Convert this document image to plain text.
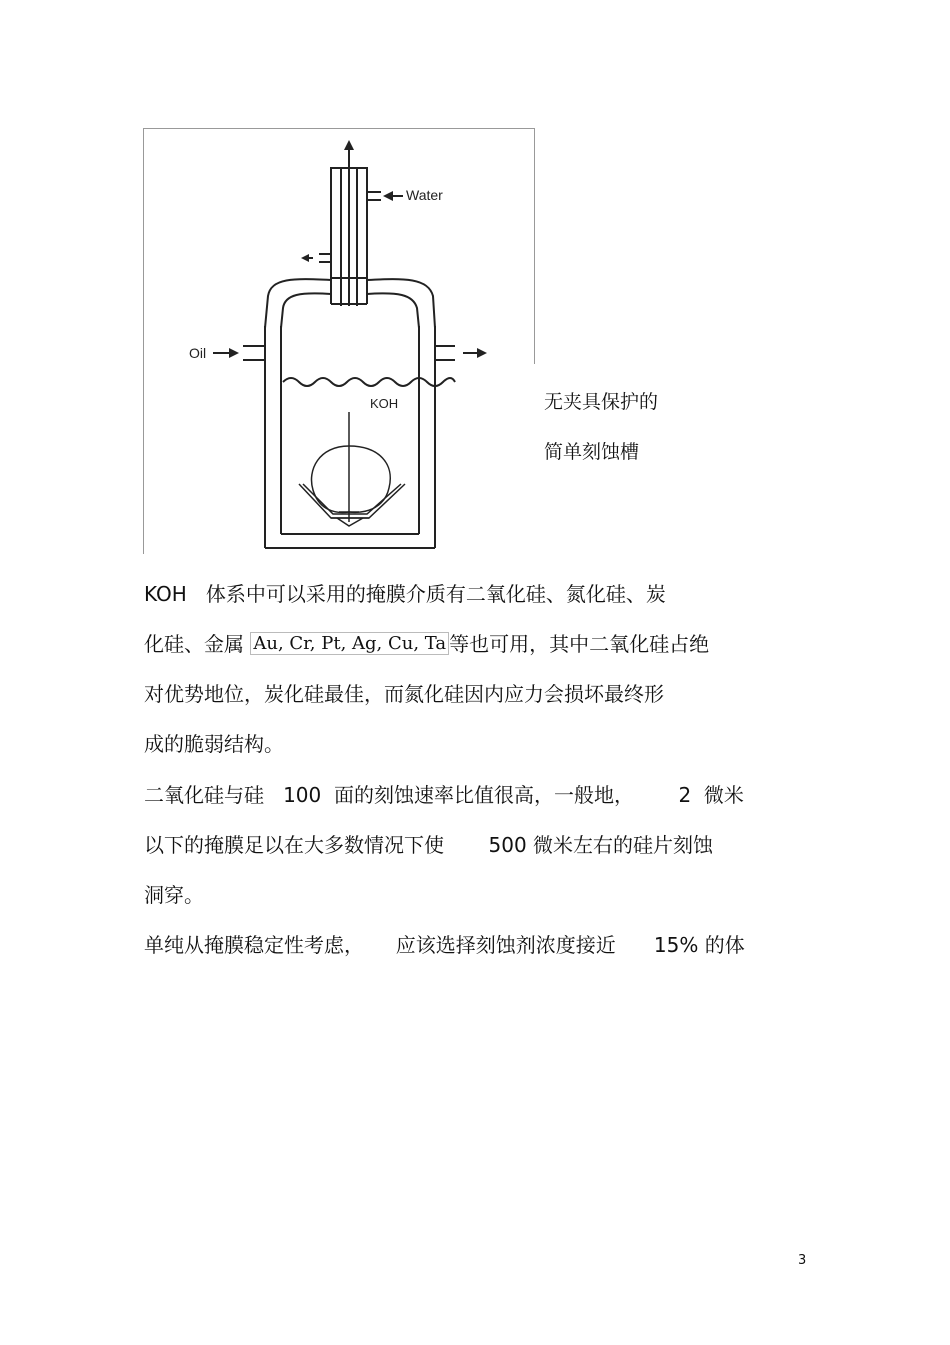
Water
Oil
KOH	无夹具保护的
简单刻蚀槽
KOH   体系中可以采用的掩膜介质有二氧化硅、氮化硅、炭
化硅、金属 Au, Cr, Pt, Ag, Cu, Ta 等也可用，其中二氧化硅占绝
对优势地位，炭化硅最佳，而氮化硅因内应力会损坏最终形
成的脆弱结构。
二氧化硅与硅   100  面的刻蚀速率比值很高，一般地，       2  微米
以下的掩膜足以在大多数情况下使       500 微米左右的硅片刻蚀
洞穿。
单纯从掩膜稳定性考虑，     应该选择刻蚀剂浓度接近      15% 的体
3
